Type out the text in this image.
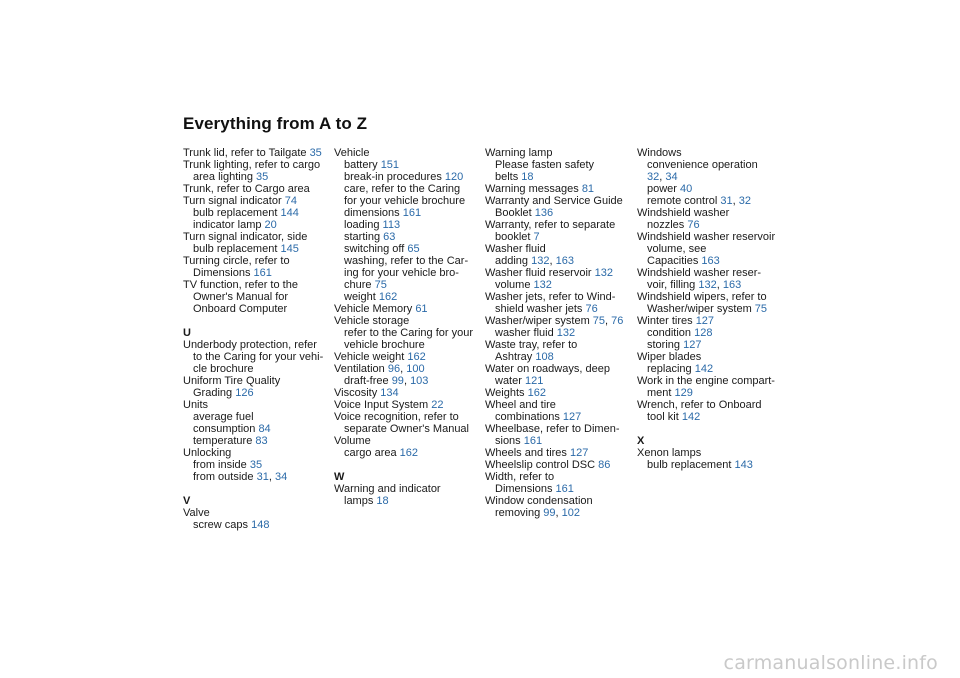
Everything from A to Z
Trunk lid, refer to Tailgate 35
Trunk lighting, refer to cargo
area lighting 35
Trunk, refer to Cargo area
Turn signal indicator 74
bulb replacement 144
indicator lamp 20
Turn signal indicator, side
bulb replacement 145
Turning circle, refer to
Dimensions 161
TV function, refer to the
Owner's Manual for
Onboard Computer
U
Underbody protection, refer
to the Caring for your vehi-
cle brochure
Uniform Tire Quality
Grading 126
Units
average fuel
consumption 84
temperature 83
Unlocking
from inside 35
from outside 31, 34
V
Valve
screw caps 148
Vehicle
battery 151
break-in procedures 120
care, refer to the Caring
for your vehicle brochure
dimensions 161
loading 113
starting 63
switching off 65
washing, refer to the Car-
ing for your vehicle bro-
chure 75
weight 162
Vehicle Memory 61
Vehicle storage
refer to the Caring for your
vehicle brochure
Vehicle weight 162
Ventilation 96, 100
draft-free 99, 103
Viscosity 134
Voice Input System 22
Voice recognition, refer to
separate Owner's Manual
Volume
cargo area 162
W
Warning and indicator
lamps 18
Warning lamp
Please fasten safety
belts 18
Warning messages 81
Warranty and Service Guide
Booklet 136
Warranty, refer to separate
booklet 7
Washer fluid
adding 132, 163
Washer fluid reservoir 132
volume 132
Washer jets, refer to Wind-
shield washer jets 76
Washer/wiper system 75, 76
washer fluid 132
Waste tray, refer to
Ashtray 108
Water on roadways, deep
water 121
Weights 162
Wheel and tire
combinations 127
Wheelbase, refer to Dimen-
sions 161
Wheels and tires 127
Wheelslip control DSC 86
Width, refer to
Dimensions 161
Window condensation
removing 99, 102
Windows
convenience operation
32, 34
power 40
remote control 31, 32
Windshield washer
nozzles 76
Windshield washer reservoir
volume, see
Capacities 163
Windshield washer reser-
voir, filling 132, 163
Windshield wipers, refer to
Washer/wiper system 75
Winter tires 127
condition 128
storing 127
Wiper blades
replacing 142
Work in the engine compart-
ment 129
Wrench, refer to Onboard
tool kit 142
X
Xenon lamps
bulb replacement 143
carmanualsonline.info
